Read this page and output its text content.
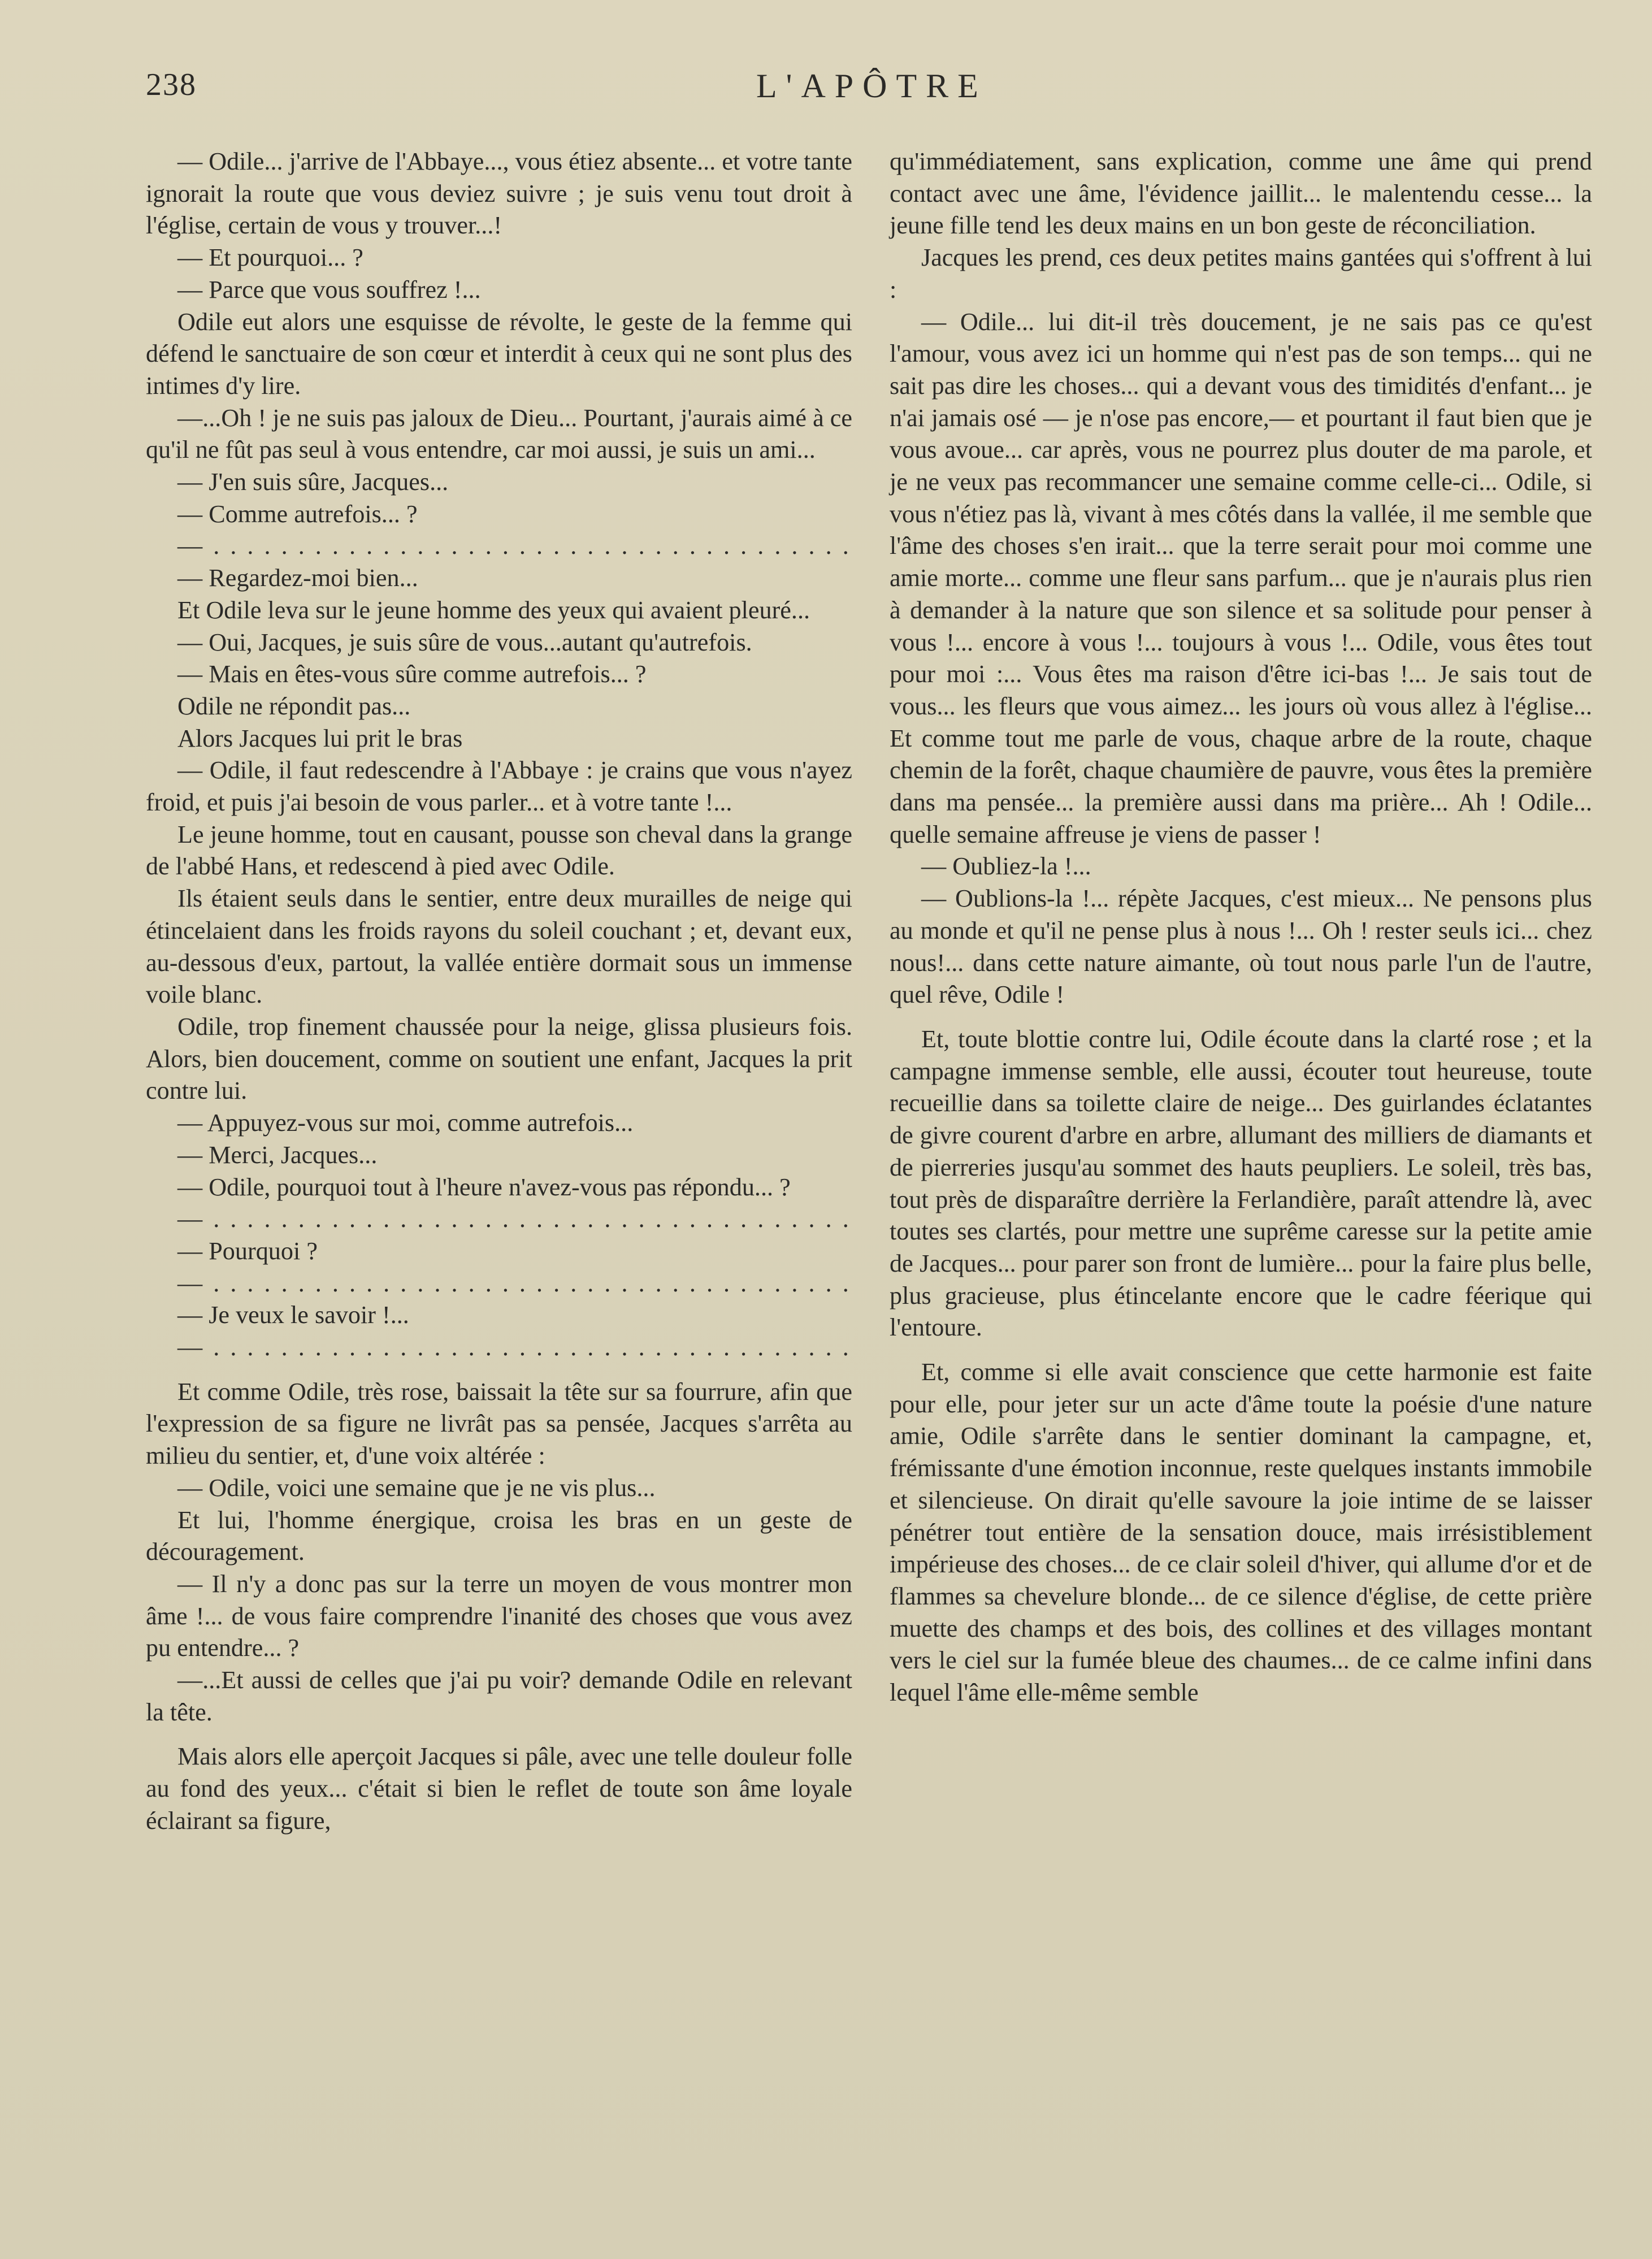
238	L'APÔTRE

— Odile... j'arrive de l'Abbaye..., vous étiez absente... et votre tante ignorait la route que vous deviez suivre ; je suis venu tout droit à l'église, certain de vous y trouver...!

— Et pourquoi... ?

— Parce que vous souffrez !...

Odile eut alors une esquisse de révolte, le geste de la femme qui défend le sanctuaire de son cœur et interdit à ceux qui ne sont plus des intimes d'y lire.

—...Oh ! je ne suis pas jaloux de Dieu... Pourtant, j'aurais aimé à ce qu'il ne fût pas seul à vous entendre, car moi aussi, je suis un ami...

— J'en suis sûre, Jacques...

— Comme autrefois... ?

— . . .

— Regardez-moi bien...

Et Odile leva sur le jeune homme des yeux qui avaient pleuré...

— Oui, Jacques, je suis sûre de vous...autant qu'autrefois.

— Mais en êtes-vous sûre comme autrefois... ?

Odile ne répondit pas...

Alors Jacques lui prit le bras

— Odile, il faut redescendre à l'Abbaye : je crains que vous n'ayez froid, et puis j'ai besoin de vous parler... et à votre tante !...

Le jeune homme, tout en causant, pousse son cheval dans la grange de l'abbé Hans, et redescend à pied avec Odile.

Ils étaient seuls dans le sentier, entre deux murailles de neige qui étincelaient dans les froids rayons du soleil couchant ; et, devant eux, au-dessous d'eux, partout, la vallée entière dormait sous un immense voile blanc.

Odile, trop finement chaussée pour la neige, glissa plusieurs fois. Alors, bien doucement, comme on soutient une enfant, Jacques la prit contre lui.

— Appuyez-vous sur moi, comme autrefois...

— Merci, Jacques...

— Odile, pourquoi tout à l'heure n'avez-vous pas répondu... ?

— . . .

— Pourquoi ?

— . . .

— Je veux le savoir !...

— . . .

Et comme Odile, très rose, baissait la tête sur sa fourrure, afin que l'expression de sa figure ne livrât pas sa pensée, Jacques s'arrêta au milieu du sentier, et, d'une voix altérée :

— Odile, voici une semaine que je ne vis plus...

Et lui, l'homme énergique, croisa les bras en un geste de découragement.

— Il n'y a donc pas sur la terre un moyen de vous montrer mon âme !... de vous faire comprendre l'inanité des choses que vous avez pu entendre... ?

—...Et aussi de celles que j'ai pu voir? demande Odile en relevant la tête.

Mais alors elle aperçoit Jacques si pâle, avec une telle douleur folle au fond des yeux... c'était si bien le reflet de toute son âme loyale éclairant sa figure,

qu'immédiatement, sans explication, comme une âme qui prend contact avec une âme, l'évidence jaillit... le malentendu cesse... la jeune fille tend les deux mains en un bon geste de réconciliation.

Jacques les prend, ces deux petites mains gantées qui s'offrent à lui :

— Odile... lui dit-il très doucement, je ne sais pas ce qu'est l'amour, vous avez ici un homme qui n'est pas de son temps... qui ne sait pas dire les choses... qui a devant vous des timidités d'enfant... je n'ai jamais osé — je n'ose pas encore,— et pourtant il faut bien que je vous avoue... car après, vous ne pourrez plus douter de ma parole, et je ne veux pas recommancer une semaine comme celle-ci... Odile, si vous n'étiez pas là, vivant à mes côtés dans la vallée, il me semble que l'âme des choses s'en irait... que la terre serait pour moi comme une amie morte... comme une fleur sans parfum... que je n'aurais plus rien à demander à la nature que son silence et sa solitude pour penser à vous !... encore à vous !... toujours à vous !... Odile, vous êtes tout pour moi :... Vous êtes ma raison d'être ici-bas !... Je sais tout de vous... les fleurs que vous aimez... les jours où vous allez à l'église... Et comme tout me parle de vous, chaque arbre de la route, chaque chemin de la forêt, chaque chaumière de pauvre, vous êtes la première dans ma pensée... la première aussi dans ma prière... Ah ! Odile... quelle semaine affreuse je viens de passer !

— Oubliez-la !...

— Oublions-la !... répète Jacques, c'est mieux... Ne pensons plus au monde et qu'il ne pense plus à nous !... Oh ! rester seuls ici... chez nous!... dans cette nature aimante, où tout nous parle l'un de l'autre, quel rêve, Odile !

Et, toute blottie contre lui, Odile écoute dans la clarté rose ; et la campagne immense semble, elle aussi, écouter tout heureuse, toute recueillie dans sa toilette claire de neige... Des guirlandes éclatantes de givre courent d'arbre en arbre, allumant des milliers de diamants et de pierreries jusqu'au sommet des hauts peupliers. Le soleil, très bas, tout près de disparaître derrière la Ferlandière, paraît attendre là, avec toutes ses clartés, pour mettre une suprême caresse sur la petite amie de Jacques... pour parer son front de lumière... pour la faire plus belle, plus gracieuse, plus étincelante encore que le cadre féerique qui l'entoure.

Et, comme si elle avait conscience que cette harmonie est faite pour elle, pour jeter sur un acte d'âme toute la poésie d'une nature amie, Odile s'arrête dans le sentier dominant la campagne, et, frémissante d'une émotion inconnue, reste quelques instants immobile et silencieuse. On dirait qu'elle savoure la joie intime de se laisser pénétrer tout entière de la sensation douce, mais irrésistiblement impérieuse des choses... de ce clair soleil d'hiver, qui allume d'or et de flammes sa chevelure blonde... de ce silence d'église, de cette prière muette des champs et des bois, des collines et des villages montant vers le ciel sur la fumée bleue des chaumes... de ce calme infini dans lequel l'âme elle-même semble
